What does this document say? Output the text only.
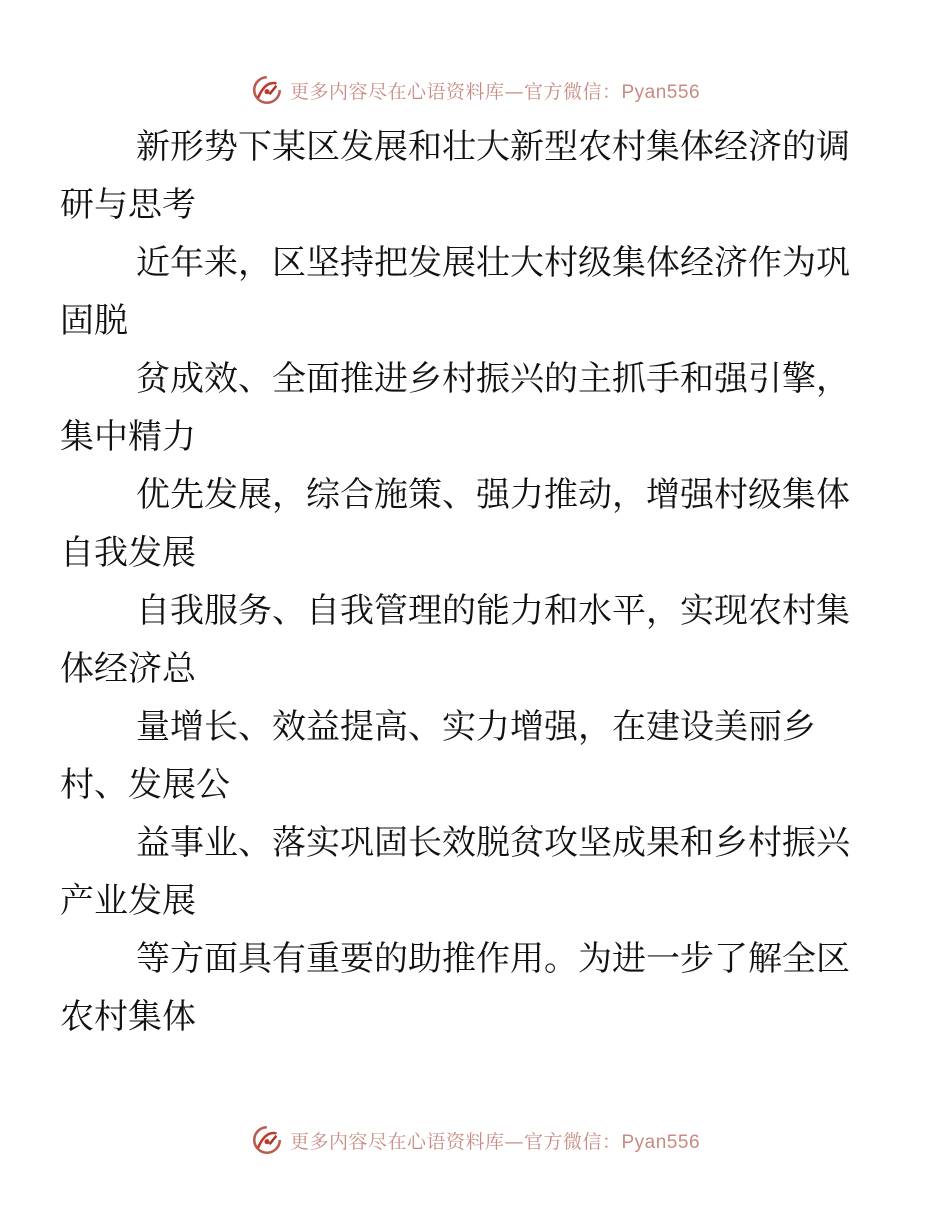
更多内容尽在心语资料库—官方微信：Pyan556

新形势下某区发展和壮大新型农村集体经济的调
研与思考

近年来，区坚持把发展壮大村级集体经济作为巩
固脱

贫成效、全面推进乡村振兴的主抓手和强引擎，
集中精力

优先发展，综合施策、强力推动，增强村级集体
自我发展

自我服务、自我管理的能力和水平，实现农村集
体经济总

量增长、效益提高、实力增强，在建设美丽乡
村、发展公

益事业、落实巩固长效脱贫攻坚成果和乡村振兴
产业发展

等方面具有重要的助推作用。为进一步了解全区
农村集体

更多内容尽在心语资料库—官方微信：Pyan556
